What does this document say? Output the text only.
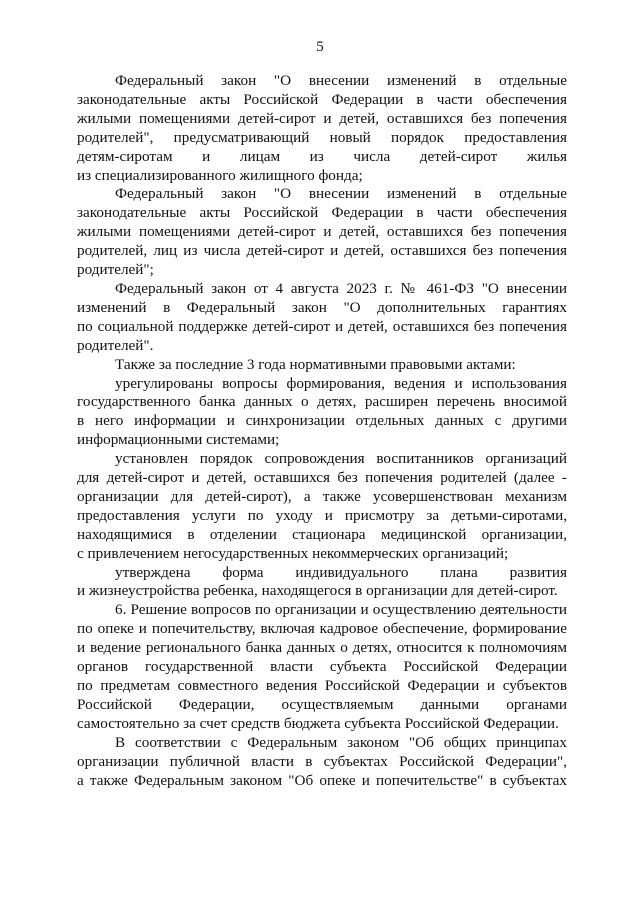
5
Федеральный закон "О внесении изменений в отдельные
законодательные акты Российской Федерации в части обеспечения
жилыми помещениями детей-сирот и детей, оставшихся без попечения
родителей", предусматривающий новый порядок предоставления
детям-сиротам и лицам из числа детей-сирот жилья
из специализированного жилищного фонда;
Федеральный закон "О внесении изменений в отдельные
законодательные акты Российской Федерации в части обеспечения
жилыми помещениями детей-сирот и детей, оставшихся без попечения
родителей, лиц из числа детей-сирот и детей, оставшихся без попечения
родителей";
Федеральный закон от 4 августа 2023 г. № 461-ФЗ "О внесении
изменений в Федеральный закон "О дополнительных гарантиях
по социальной поддержке детей-сирот и детей, оставшихся без попечения
родителей".
Также за последние 3 года нормативными правовыми актами:
урегулированы вопросы формирования, ведения и использования
государственного банка данных о детях, расширен перечень вносимой
в него информации и синхронизации отдельных данных с другими
информационными системами;
установлен порядок сопровождения воспитанников организаций
для детей-сирот и детей, оставшихся без попечения родителей (далее -
организации для детей-сирот), а также усовершенствован механизм
предоставления услуги по уходу и присмотру за детьми-сиротами,
находящимися в отделении стационара медицинской организации,
с привлечением негосударственных некоммерческих организаций;
утверждена форма индивидуального плана развития
и жизнеустройства ребенка, находящегося в организации для детей-сирот.
6. Решение вопросов по организации и осуществлению деятельности
по опеке и попечительству, включая кадровое обеспечение, формирование
и ведение регионального банка данных о детях, относится к полномочиям
органов государственной власти субъекта Российской Федерации
по предметам совместного ведения Российской Федерации и субъектов
Российской Федерации, осуществляемым данными органами
самостоятельно за счет средств бюджета субъекта Российской Федерации.
В соответствии с Федеральным законом "Об общих принципах
организации публичной власти в субъектах Российской Федерации",
а также Федеральным законом "Об опеке и попечительстве" в субъектах
